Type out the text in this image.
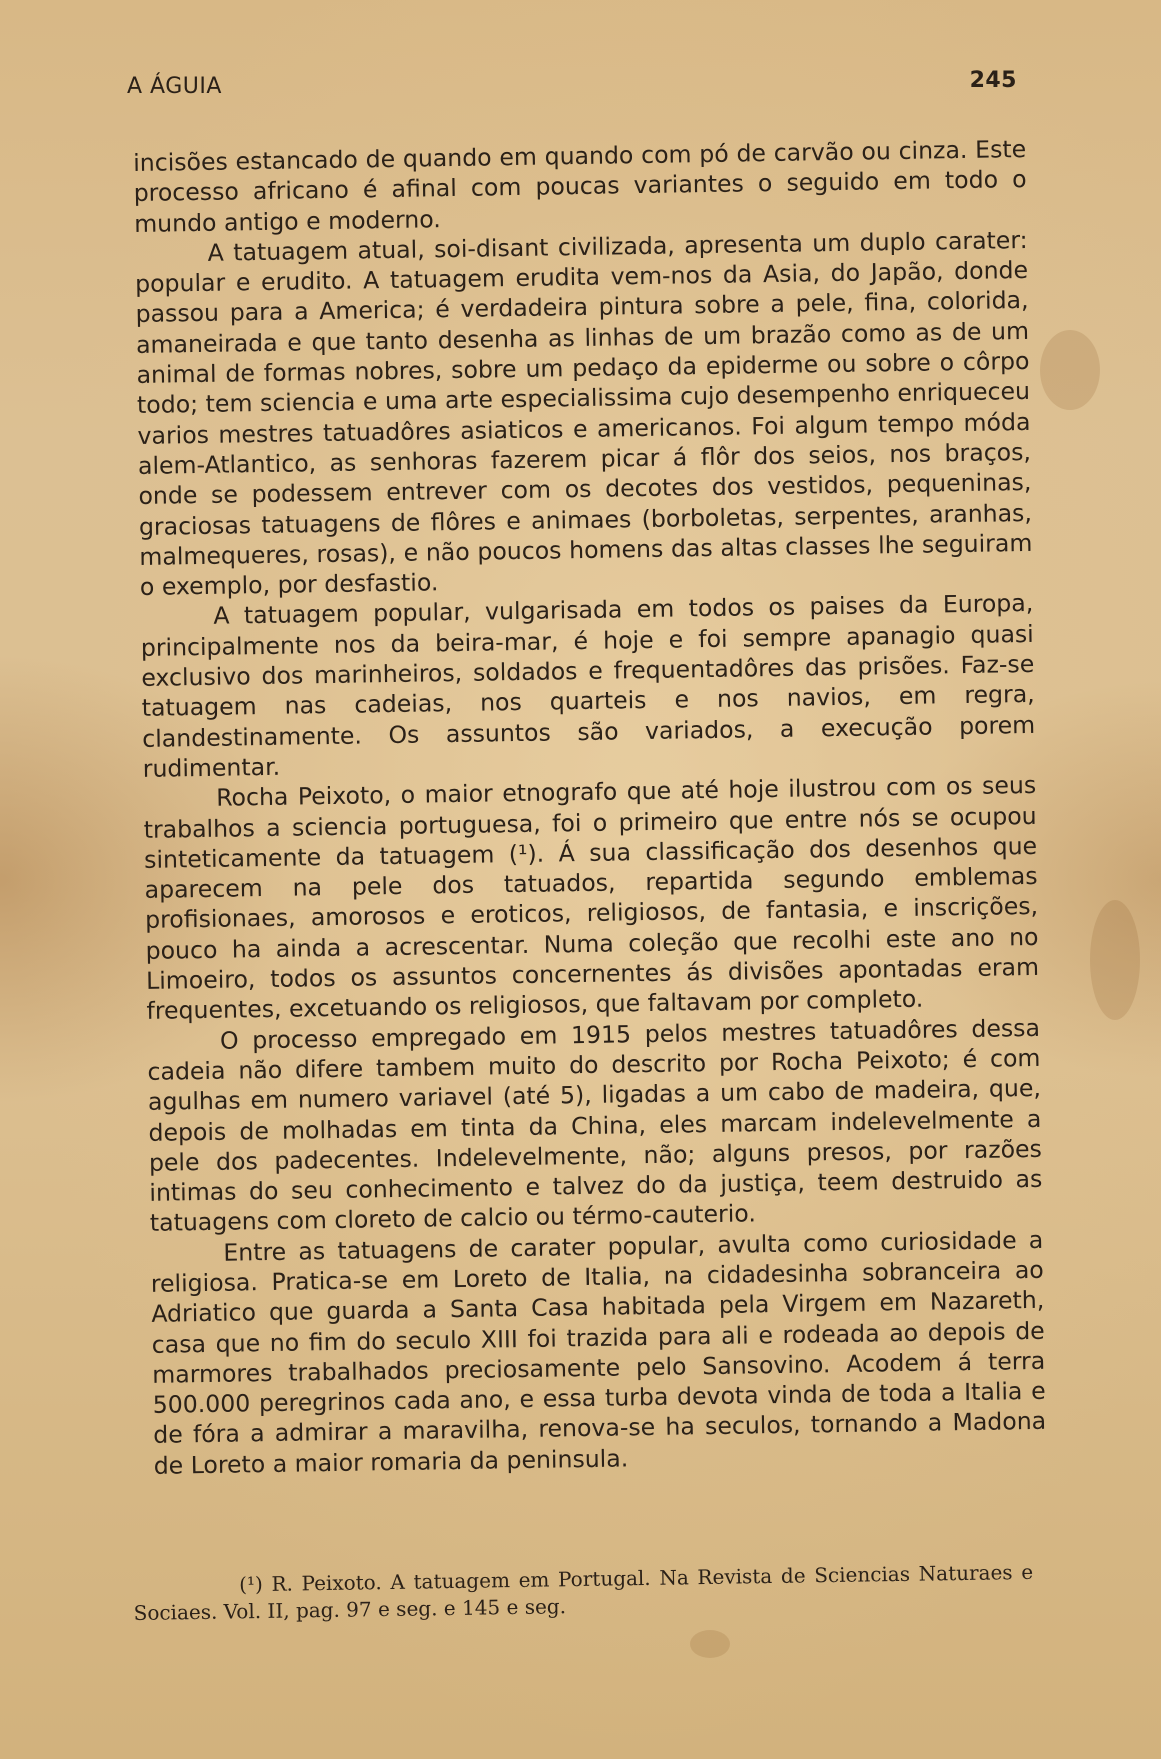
A ÁGUIA	245

incisões estancado de quando em quando com pó de carvão ou cinza. Este processo africano é afinal com poucas variantes o seguido em todo o mundo antigo e moderno.

A tatuagem atual, soi-disant civilizada, apresenta um duplo carater: popular e erudito. A tatuagem erudita vem-nos da Asia, do Japão, donde passou para a America; é verdadeira pintura sobre a pele, fina, colorida, amaneirada e que tanto desenha as linhas de um brazão como as de um animal de formas nobres, sobre um pedaço da epiderme ou sobre o côrpo todo; tem sciencia e uma arte especialissima cujo desempenho enriqueceu varios mestres tatuadôres asiaticos e americanos. Foi algum tempo móda alem-Atlantico, as senhoras fazerem picar á flôr dos seios, nos braços, onde se podessem entrever com os decotes dos vestidos, pequeninas, graciosas tatuagens de flôres e animaes (borboletas, serpentes, aranhas, malmequeres, rosas), e não poucos homens das altas classes lhe seguiram o exemplo, por desfastio.

A tatuagem popular, vulgarisada em todos os paises da Europa, principalmente nos da beira-mar, é hoje e foi sempre apanagio quasi exclusivo dos marinheiros, soldados e frequentadôres das prisões. Faz-se tatuagem nas cadeias, nos quarteis e nos navios, em regra, clandestinamente. Os assuntos são variados, a execução porem rudimentar.

Rocha Peixoto, o maior etnografo que até hoje ilustrou com os seus trabalhos a sciencia portuguesa, foi o primeiro que entre nós se ocupou sinteticamente da tatuagem (¹). Á sua classificação dos desenhos que aparecem na pele dos tatuados, repartida segundo emblemas profisionaes, amorosos e eroticos, religiosos, de fantasia, e inscrições, pouco ha ainda a acrescentar. Numa coleção que recolhi este ano no Limoeiro, todos os assuntos concernentes ás divisões apontadas eram frequentes, excetuando os religiosos, que faltavam por completo.

O processo empregado em 1915 pelos mestres tatuadôres dessa cadeia não difere tambem muito do descrito por Rocha Peixoto; é com agulhas em numero variavel (até 5), ligadas a um cabo de madeira, que, depois de molhadas em tinta da China, eles marcam indelevelmente a pele dos padecentes. Indelevelmente, não; alguns presos, por razões intimas do seu conhecimento e talvez do da justiça, teem destruido as tatuagens com cloreto de calcio ou térmo-cauterio.

Entre as tatuagens de carater popular, avulta como curiosidade a religiosa. Pratica-se em Loreto de Italia, na cidadesinha sobranceira ao Adriatico que guarda a Santa Casa habitada pela Virgem em Nazareth, casa que no fim do seculo XIII foi trazida para ali e rodeada ao depois de marmores trabalhados preciosamente pelo Sansovino. Acodem á terra 500.000 peregrinos cada ano, e essa turba devota vinda de toda a Italia e de fóra a admirar a maravilha, renova-se ha seculos, tornando a Madona de Loreto a maior romaria da peninsula.

(¹) R. Peixoto. A tatuagem em Portugal. Na Revista de Sciencias Naturaes e Sociaes. Vol. II, pag. 97 e seg. e 145 e seg.
